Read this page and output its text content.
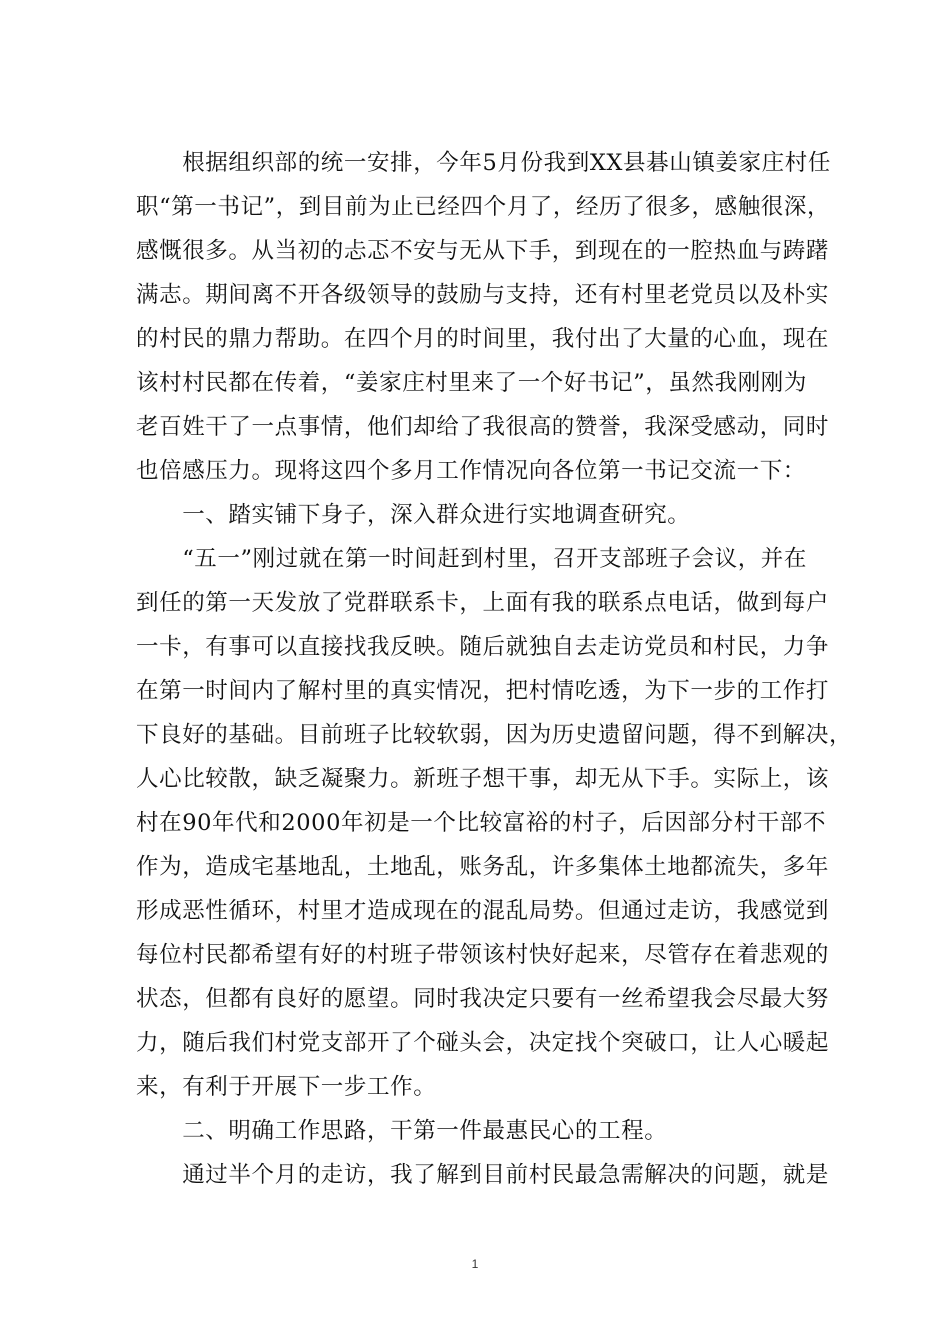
　　根据组织部的统一安排，今年5月份我到XX县碁山镇姜家庄村任
职“第一书记”，到目前为止已经四个月了，经历了很多，感触很深，
感慨很多。从当初的忐忑不安与无从下手，到现在的一腔热血与踌躇
满志。期间离不开各级领导的鼓励与支持，还有村里老党员以及朴实
的村民的鼎力帮助。在四个月的时间里，我付出了大量的心血，现在
该村村民都在传着，“姜家庄村里来了一个好书记”，虽然我刚刚为
老百姓干了一点事情，他们却给了我很高的赞誉，我深受感动，同时
也倍感压力。现将这四个多月工作情况向各位第一书记交流一下：
　　一、踏实铺下身子，深入群众进行实地调查研究。
　　“五一”刚过就在第一时间赶到村里，召开支部班子会议，并在
到任的第一天发放了党群联系卡，上面有我的联系点电话，做到每户
一卡，有事可以直接找我反映。随后就独自去走访党员和村民，力争
在第一时间内了解村里的真实情况，把村情吃透，为下一步的工作打
下良好的基础。目前班子比较软弱，因为历史遗留问题，得不到解决，
人心比较散，缺乏凝聚力。新班子想干事，却无从下手。实际上，该
村在90年代和2000年初是一个比较富裕的村子，后因部分村干部不
作为，造成宅基地乱，土地乱，账务乱，许多集体土地都流失，多年
形成恶性循环，村里才造成现在的混乱局势。但通过走访，我感觉到
每位村民都希望有好的村班子带领该村快好起来，尽管存在着悲观的
状态，但都有良好的愿望。同时我决定只要有一丝希望我会尽最大努
力，随后我们村党支部开了个碰头会，决定找个突破口，让人心暖起
来，有利于开展下一步工作。
　　二、明确工作思路，干第一件最惠民心的工程。
　　通过半个月的走访，我了解到目前村民最急需解决的问题，就是
1
